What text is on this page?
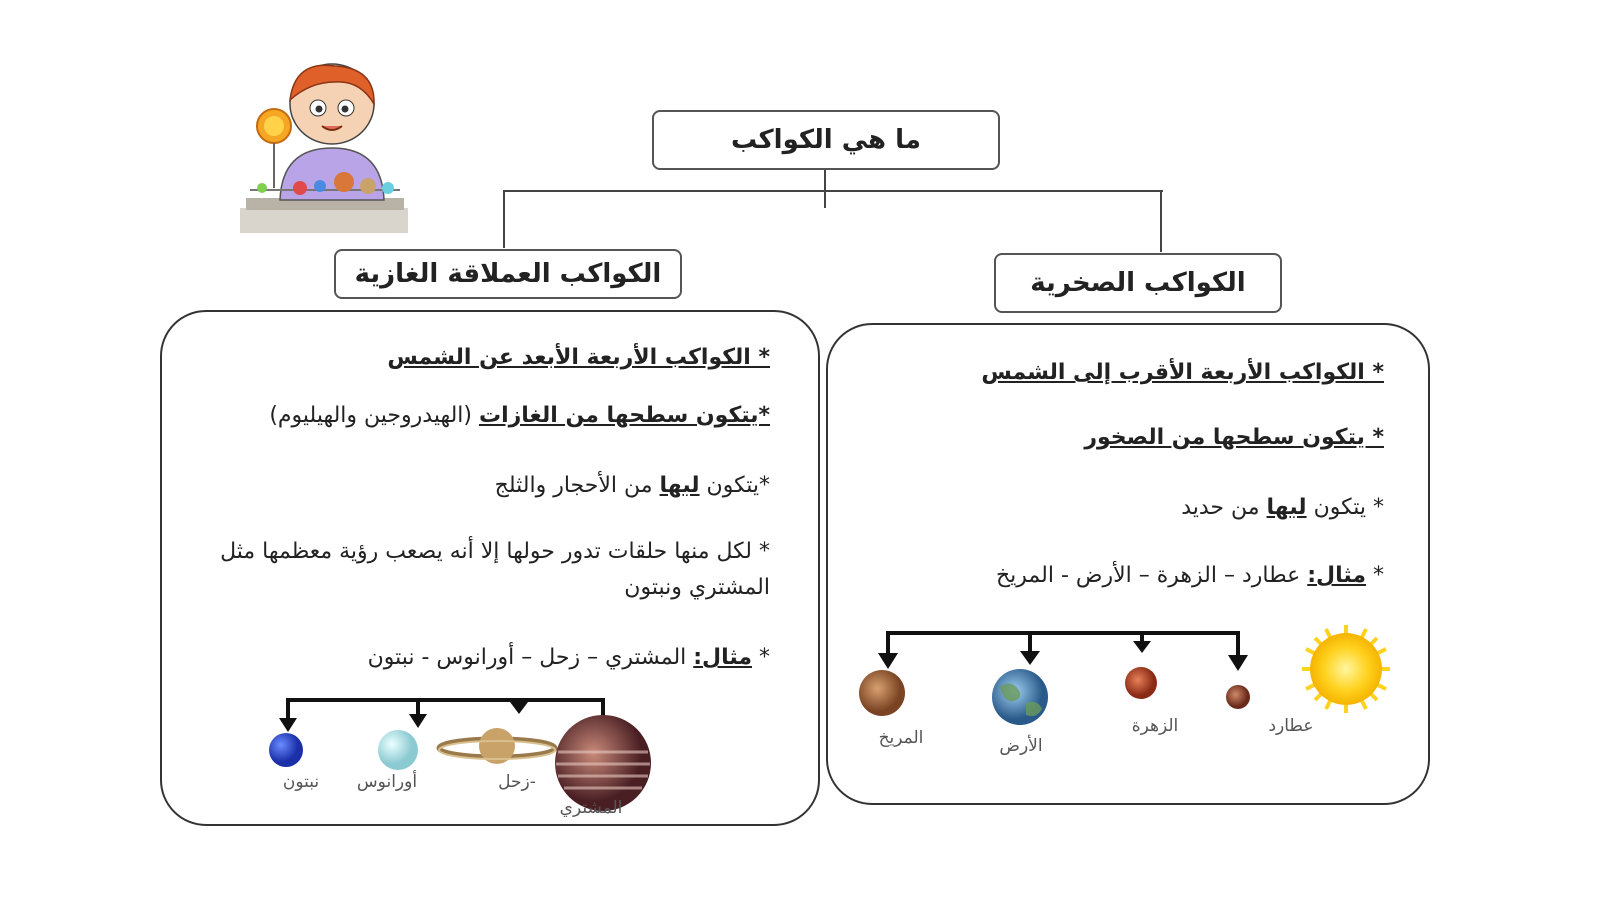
ما هي الكواكب
الكواكب العملاقة الغازية	الكواكب الصخرية
* الكواكب الأربعة الأبعد عن الشمس
*يتكون سطحها من الغازات (الهيدروجين والهيليوم)
*يتكون لبها من الأحجار والثلج
* لكل منها حلقات تدور حولها إلا أنه يصعب رؤية معظمها مثل المشتري ونبتون
* مثال: المشتري – زحل – أورانوس - نبتون
نبتون	أورانوس	-زحل
المشتري
* الكواكب الأربعة الأقرب إلى الشمس
* يتكون سطحها من الصخور
* يتكون لبها من حديد
* مثال: عطارد – الزهرة – الأرض - المريخ
المريخ	الأرض
الزهرة	عطارد
